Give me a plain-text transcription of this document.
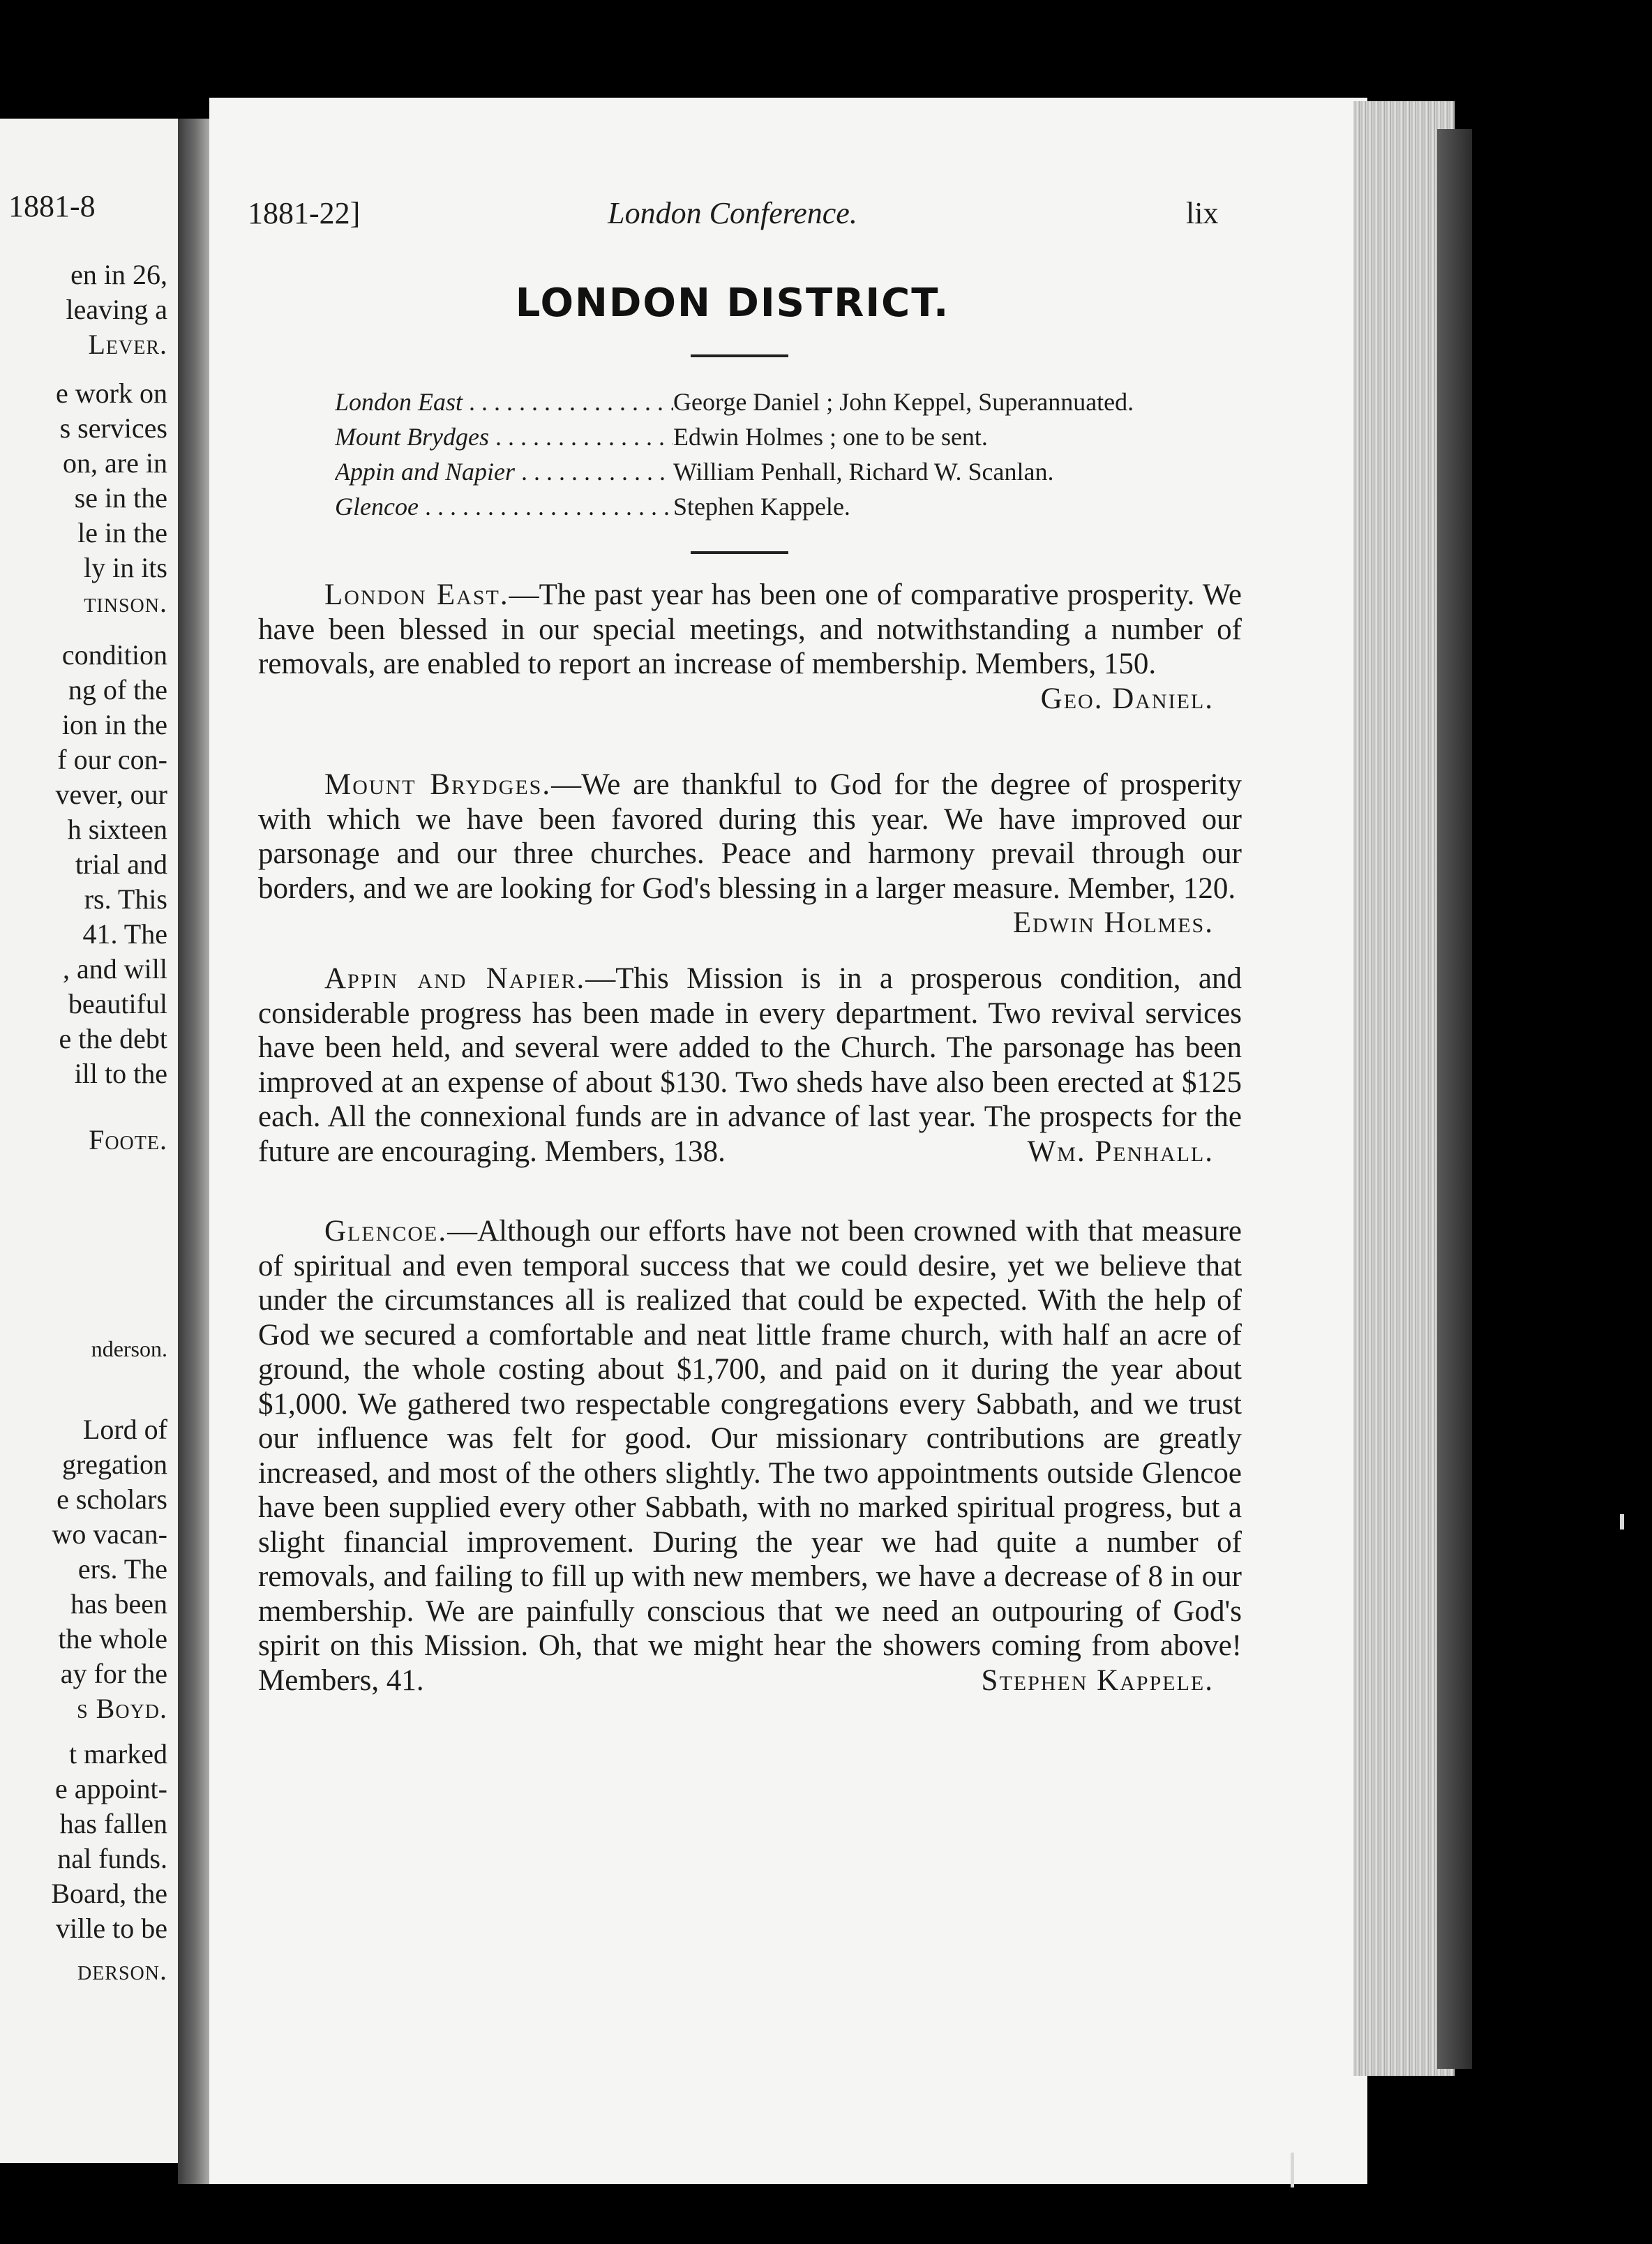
1881-8
en in 26,
leaving a
Lever.
e work on
s services
on, are in
se in the
le in the
ly in its
tinson.
condition
ng of the
ion in the
f our con-
vever, our
h sixteen
trial and
rs. This
41. The
, and will
beautiful
e the debt
ill to the
Foote.
nderson.
Lord of
gregation
e scholars
wo vacan-
ers. The
has been
the whole
ay for the
s Boyd.
t marked
e appoint-
has fallen
nal funds.
Board, the
ville to be
derson.
1881-22]	London Conference.	lix
LONDON DISTRICT.
London East . . .	George Daniel ; John Keppel, Superannuated.
Mount Brydges . . .	Edwin Holmes ; one to be sent.
Appin and Napier . . .	William Penhall, Richard W. Scanlan.
Glencoe . . .	Stephen Kappele.

London East.—The past year has been one of comparative prosperity. We have been blessed in our special meetings, and notwithstanding a number of removals, are enabled to report an increase of membership. Members, 150.
Geo. Daniel.

Mount Brydges.—We are thankful to God for the degree of prosperity with which we have been favored during this year. We have improved our parsonage and our three churches. Peace and harmony prevail through our borders, and we are looking for God's blessing in a larger measure. Member, 120.
Edwin Holmes.

Appin and Napier.—This Mission is in a prosperous condition, and considerable progress has been made in every department. Two revival services have been held, and several were added to the Church. The parsonage has been improved at an expense of about $130. Two sheds have also been erected at $125 each. All the connexional funds are in advance of last year. The prospects for the future are encouraging. Members, 138.	Wm. Penhall.

Glencoe.—Although our efforts have not been crowned with that measure of spiritual and even temporal success that we could desire, yet we believe that under the circumstances all is realized that could be expected. With the help of God we secured a comfortable and neat little frame church, with half an acre of ground, the whole costing about $1,700, and paid on it during the year about $1,000. We gathered two respectable congregations every Sabbath, and we trust our influence was felt for good. Our missionary contributions are greatly increased, and most of the others slightly. The two appointments outside Glencoe have been supplied every other Sabbath, with no marked spiritual progress, but a slight financial improvement. During the year we had quite a number of removals, and failing to fill up with new members, we have a decrease of 8 in our membership. We are painfully conscious that we need an outpouring of God's spirit on this Mission. Oh, that we might hear the showers coming from above! Members, 41.	Stephen Kappele.
